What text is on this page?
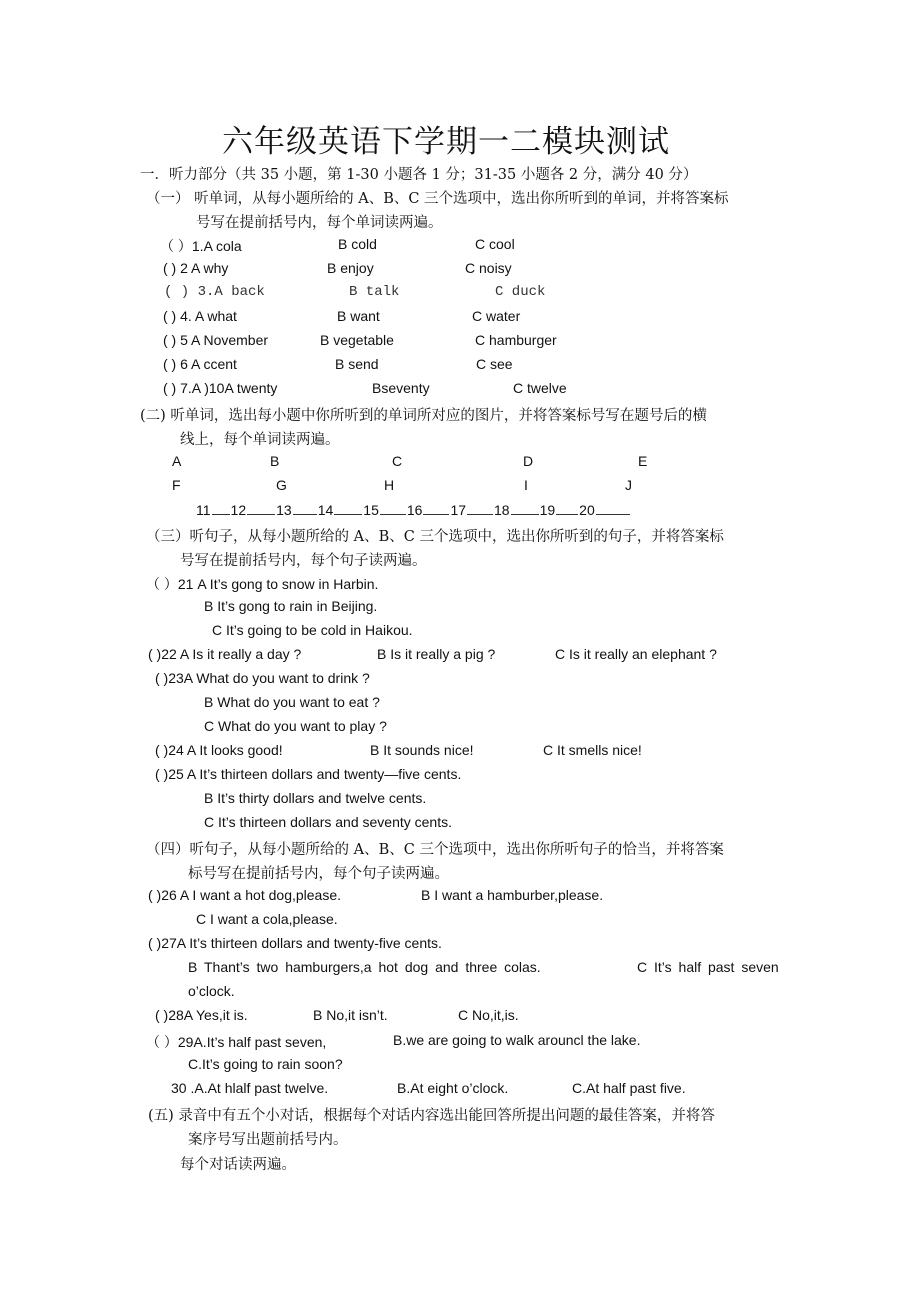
六年级英语下学期一二模块测试
一．听力部分（共 35 小题，第 1-30 小题各 1 分；31-35 小题各 2 分，满分 40 分）
（一） 听单词，从每小题所给的 A、B、C 三个选项中，选出你所听到的单词，并将答案标
号写在提前括号内，每个单词读两遍。
（ ）1.A cola	B cold	C cool
( ) 2 A why	B enjoy	C noisy
( ) 3.A back	B talk	C duck
( ) 4. A what	B want	C water
( ) 5 A November	B vegetable	C hamburger
( ) 6 A ccent	B send	C see
( ) 7.A )10A twenty	Bseventy	C twelve
(二) 听单词，选出每小题中你所听到的单词所对应的图片，并将答案标号写在题号后的横
线上，每个单词读两遍。
A	B	C	D	E
F	G	H	I	J
11 12 13 14 15 16 17 18 19 20
（三）听句子，从每小题所给的 A、B、C 三个选项中，选出你所听到的句子，并将答案标
号写在提前括号内，每个句子读两遍。
（ ）21 A It’s gong to snow in Harbin.
B It’s gong to rain in Beijing.
C It’s going to be cold in Haikou.
( )22 A Is it really a day ?	B Is it really a pig ?	C Is it really an elephant ?
( )23A What do you want to drink ?
B What do you want to eat ?
C What do you want to play ?
( )24 A It looks good!	B It sounds nice!	C It smells nice!
( )25 A It’s thirteen dollars and twenty—five cents.
B It’s thirty dollars and twelve cents.
C It’s thirteen dollars and seventy cents.
（四）听句子，从每小题所给的 A、B、C 三个选项中，选出你所听句子的恰当，并将答案
标号写在提前括号内，每个句子读两遍。
( )26 A I want a hot dog,please.	B I want a hamburber,please.
C I want a cola,please.
( )27A It’s thirteen dollars and twenty-five cents.
B Thant’s two hamburgers,a hot dog and three colas.	C It’s half past seven
o’clock.
( )28A Yes,it is.	B No,it isn’t.	C No,it,is.
（ ）29A.It’s half past seven,	B.we are going to walk arouncl the lake.
C.It’s going to rain soon?
30 .A.At hlalf past twelve.	B.At eight o’clock.	C.At half past five.
(五) 录音中有五个小对话，根据每个对话内容选出能回答所提出问题的最佳答案，并将答
案序号写出题前括号内。
每个对话读两遍。
